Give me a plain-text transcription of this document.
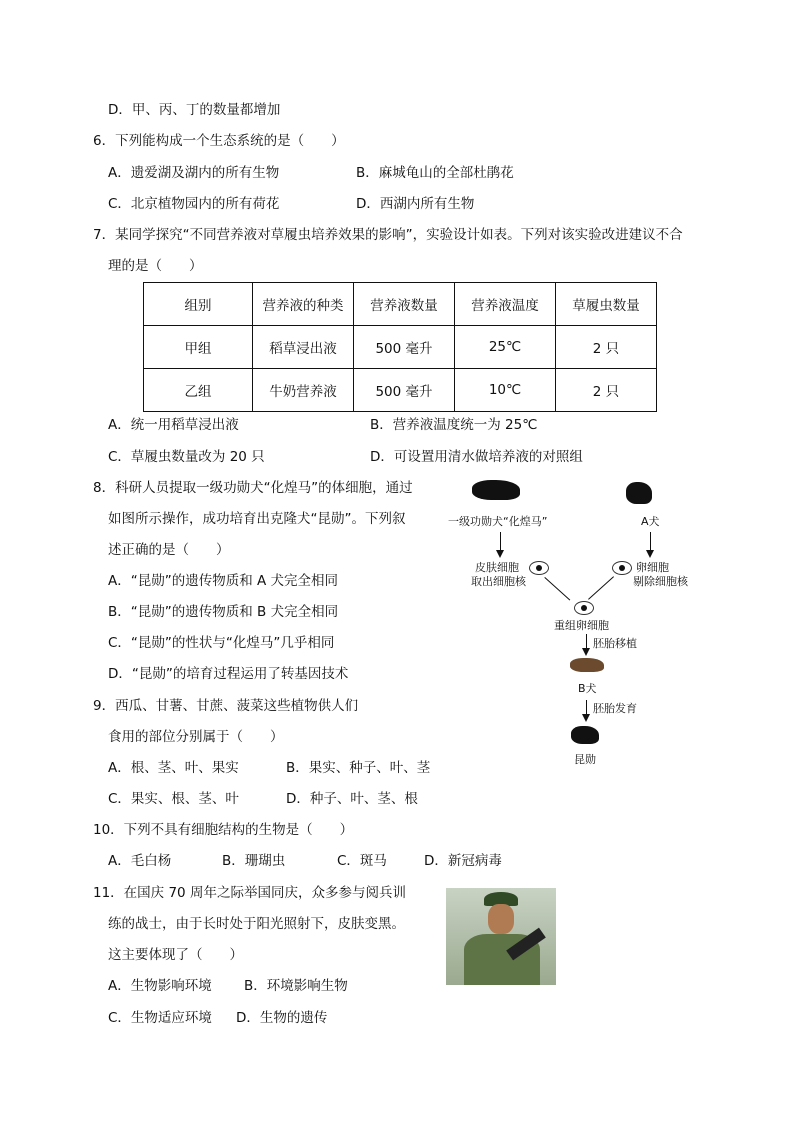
D．甲、丙、丁的数量都增加
6．下列能构成一个生态系统的是（　　）
A．遗爱湖及湖内的所有生物	B．麻城龟山的全部杜鹃花
C．北京植物园内的所有荷花	D．西湖内所有生物
7．某同学探究“不同营养液对草履虫培养效果的影响”，实验设计如表。下列对该实验改进建议不合
理的是（　　）
A．统一用稻草浸出液	B．营养液温度统一为 25℃
C．草履虫数量改为 20 只	D．可设置用清水做培养液的对照组
8．科研人员提取一级功勋犬“化煌马”的体细胞，通过
如图所示操作，成功培育出克隆犬“昆勋”。下列叙
述正确的是（　　）
A．“昆勋”的遗传物质和 A 犬完全相同
B．“昆勋”的遗传物质和 B 犬完全相同
C．“昆勋”的性状与“化煌马”几乎相同
D．“昆勋”的培育过程运用了转基因技术
9．西瓜、甘薯、甘蔗、菠菜这些植物供人们
食用的部位分别属于（　　）
A．根、茎、叶、果实	B．果实、种子、叶、茎
C．果实、根、茎、叶	D．种子、叶、茎、根
10．下列不具有细胞结构的生物是（　　）
A．毛白杨	B．珊瑚虫	C．斑马	D．新冠病毒
11．在国庆 70 周年之际举国同庆，众多参与阅兵训
练的战士，由于长时处于阳光照射下，皮肤变黑。
这主要体现了（　　）
A．生物影响环境 B．环境影响生物
C．生物适应环境 D．生物的遗传
组别	营养液的种类	营养液数量	营养液温度	草履虫数量
甲组	稻草浸出液	500 毫升	25℃	2 只
乙组	牛奶营养液	500 毫升	10℃	2 只
一级功勋犬“化煌马”	A犬
皮肤细胞
取出细胞核
卵细胞
剔除细胞核
重组卵细胞
胚胎移植
B犬
胚胎发育
昆勋
